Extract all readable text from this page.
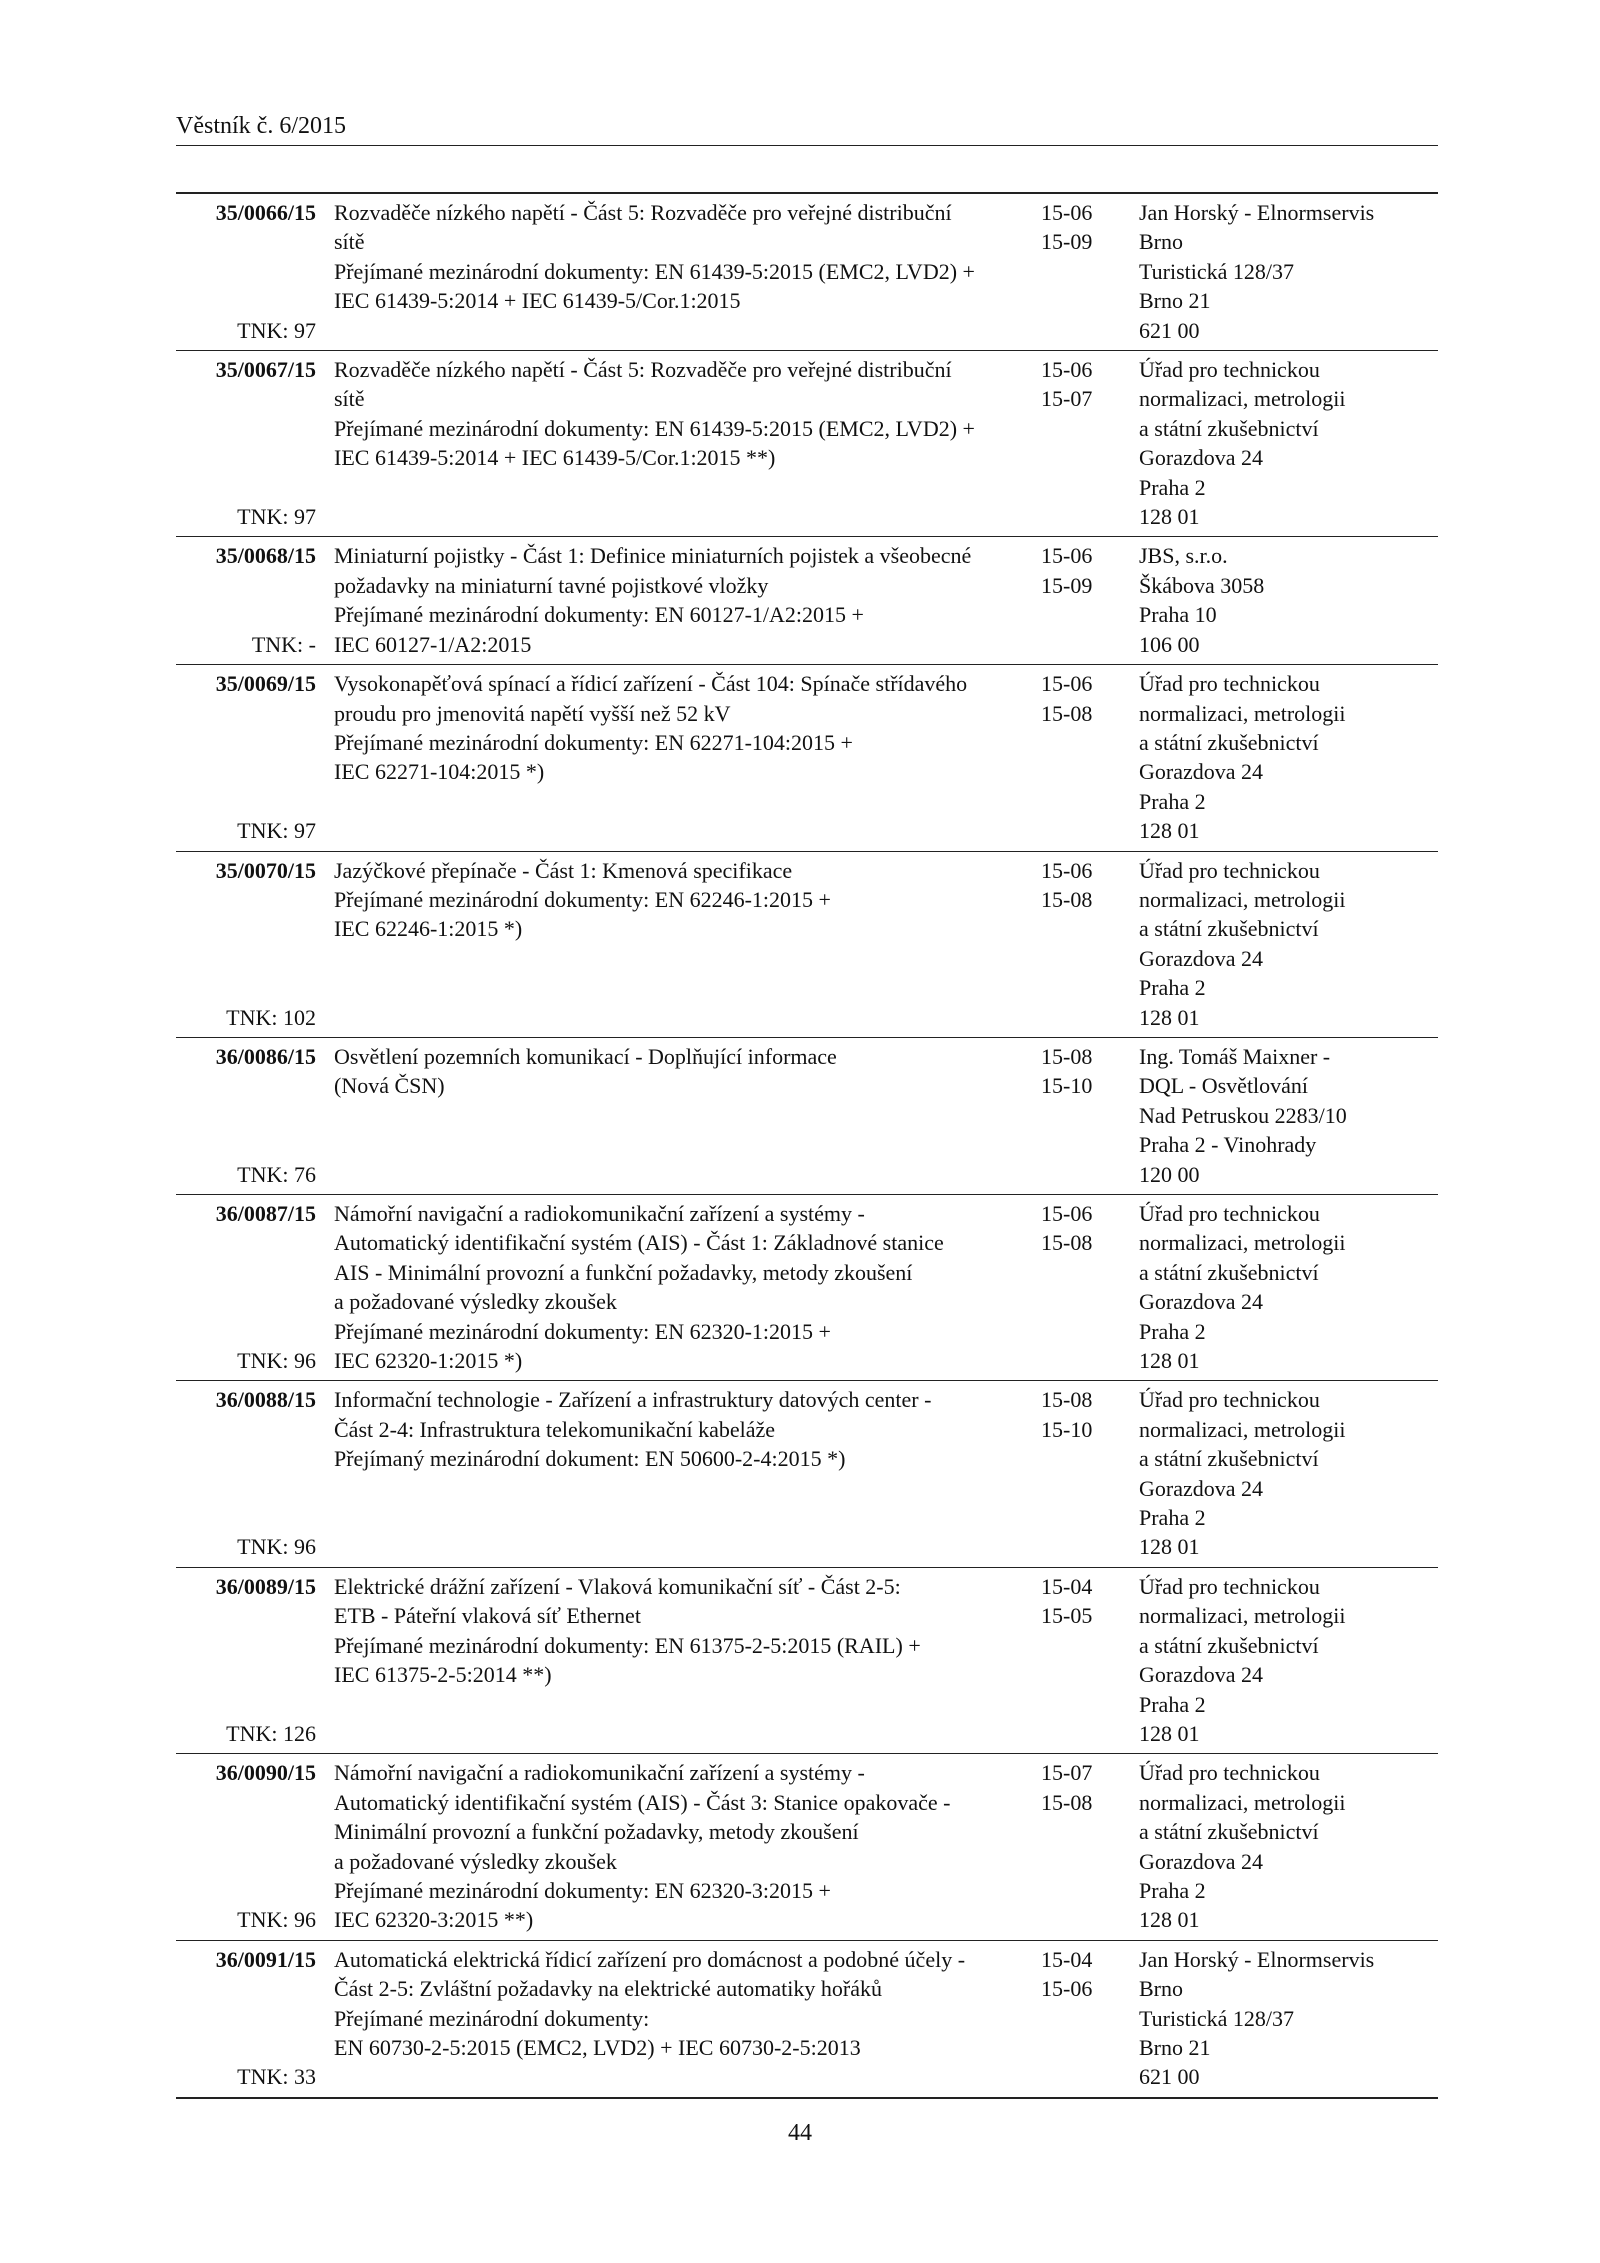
Věstník č. 6/2015
35/0066/15
TNK: 97
Rozvaděče nízkého napětí - Část 5: Rozvaděče pro veřejné distribuční
sítě
Přejímané mezinárodní dokumenty: EN 61439-5:2015 (EMC2, LVD2) +
IEC 61439-5:2014 + IEC 61439-5/Cor.1:2015
15-06
15-09
Jan Horský - Elnormservis
Brno
Turistická 128/37
Brno 21
621 00
35/0067/15
TNK: 97
Rozvaděče nízkého napětí - Část 5: Rozvaděče pro veřejné distribuční
sítě
Přejímané mezinárodní dokumenty: EN 61439-5:2015 (EMC2, LVD2) +
IEC 61439-5:2014 + IEC 61439-5/Cor.1:2015 **)
15-06
15-07
Úřad pro technickou
normalizaci, metrologii
a státní zkušebnictví
Gorazdova 24
Praha 2
128 01
35/0068/15
TNK: -
Miniaturní pojistky - Část 1: Definice miniaturních pojistek a všeobecné
požadavky na miniaturní tavné pojistkové vložky
Přejímané mezinárodní dokumenty: EN 60127-1/A2:2015 +
IEC 60127-1/A2:2015
15-06
15-09
JBS, s.r.o.
Škábova 3058
Praha 10
106 00
35/0069/15
TNK: 97
Vysokonapěťová spínací a řídicí zařízení - Část 104: Spínače střídavého
proudu pro jmenovitá napětí vyšší než 52 kV
Přejímané mezinárodní dokumenty: EN 62271-104:2015 +
IEC 62271-104:2015 *)
15-06
15-08
Úřad pro technickou
normalizaci, metrologii
a státní zkušebnictví
Gorazdova 24
Praha 2
128 01
35/0070/15
TNK: 102
Jazýčkové přepínače - Část 1: Kmenová specifikace
Přejímané mezinárodní dokumenty: EN 62246-1:2015 +
IEC 62246-1:2015 *)
15-06
15-08
Úřad pro technickou
normalizaci, metrologii
a státní zkušebnictví
Gorazdova 24
Praha 2
128 01
36/0086/15
TNK: 76
Osvětlení pozemních komunikací - Doplňující informace
(Nová ČSN)
15-08
15-10
Ing. Tomáš Maixner -
DQL - Osvětlování
Nad Petruskou 2283/10
Praha 2 - Vinohrady
120 00
36/0087/15
TNK: 96
Námořní navigační a radiokomunikační zařízení a systémy -
Automatický identifikační systém (AIS) - Část 1: Základnové stanice
AIS - Minimální provozní a funkční požadavky, metody zkoušení
a požadované výsledky zkoušek
Přejímané mezinárodní dokumenty: EN 62320-1:2015 +
IEC 62320-1:2015 *)
15-06
15-08
Úřad pro technickou
normalizaci, metrologii
a státní zkušebnictví
Gorazdova 24
Praha 2
128 01
36/0088/15
TNK: 96
Informační technologie - Zařízení a infrastruktury datových center -
Část 2-4: Infrastruktura telekomunikační kabeláže
Přejímaný mezinárodní dokument: EN 50600-2-4:2015 *)
15-08
15-10
Úřad pro technickou
normalizaci, metrologii
a státní zkušebnictví
Gorazdova 24
Praha 2
128 01
36/0089/15
TNK: 126
Elektrické drážní zařízení - Vlaková komunikační síť - Část 2-5:
ETB - Páteřní vlaková síť Ethernet
Přejímané mezinárodní dokumenty: EN 61375-2-5:2015 (RAIL) +
IEC 61375-2-5:2014 **)
15-04
15-05
Úřad pro technickou
normalizaci, metrologii
a státní zkušebnictví
Gorazdova 24
Praha 2
128 01
36/0090/15
TNK: 96
Námořní navigační a radiokomunikační zařízení a systémy -
Automatický identifikační systém (AIS) - Část 3: Stanice opakovače -
Minimální provozní a funkční požadavky, metody zkoušení
a požadované výsledky zkoušek
Přejímané mezinárodní dokumenty: EN 62320-3:2015 +
IEC 62320-3:2015 **)
15-07
15-08
Úřad pro technickou
normalizaci, metrologii
a státní zkušebnictví
Gorazdova 24
Praha 2
128 01
36/0091/15
TNK: 33
Automatická elektrická řídicí zařízení pro domácnost a podobné účely -
Část 2-5: Zvláštní požadavky na elektrické automatiky hořáků
Přejímané mezinárodní dokumenty:
EN 60730-2-5:2015 (EMC2, LVD2) + IEC 60730-2-5:2013
15-04
15-06
Jan Horský - Elnormservis
Brno
Turistická 128/37
Brno 21
621 00
44
